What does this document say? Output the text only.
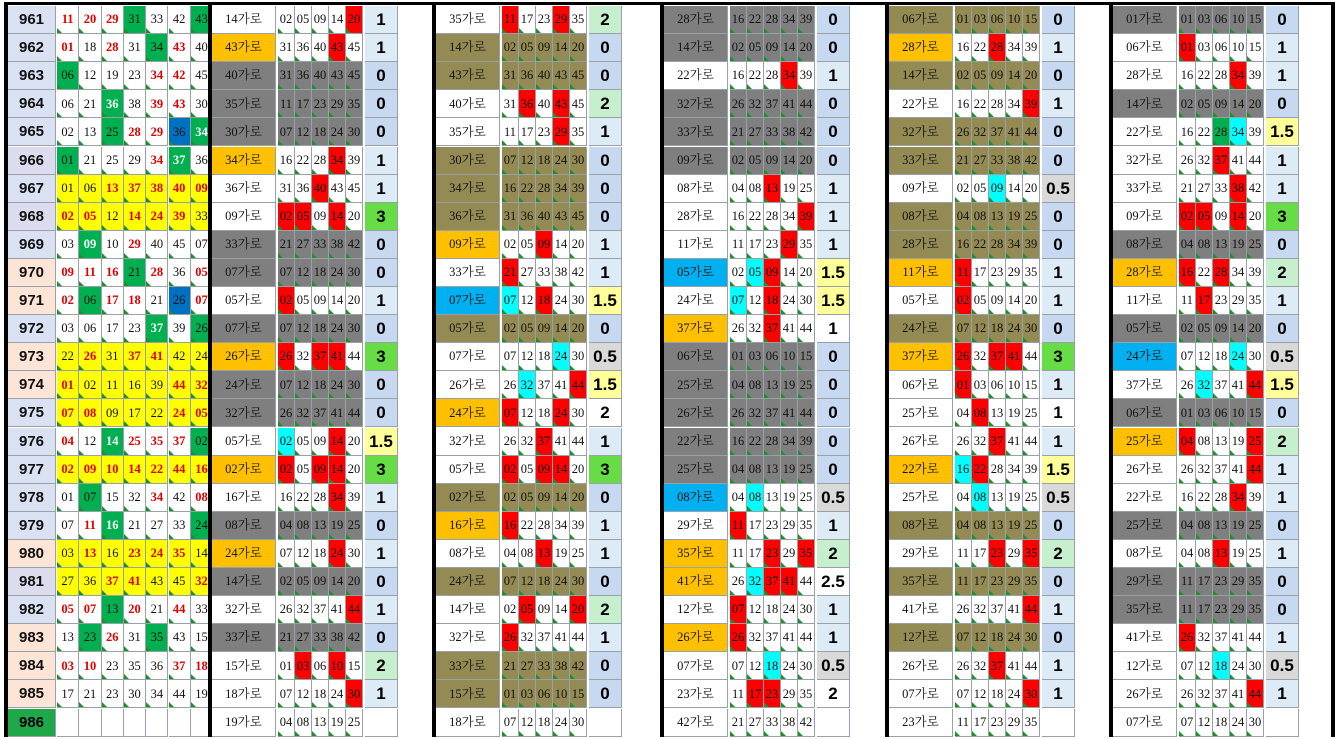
961	11 20 29 31 33 42 43	14가로	02 05 09 14 20 1	35가로	11 17 23 29 35 2	28가로	16 22 28 34 39 0	06가로	01 03 06 10 15 0	01가로	01 03 06 10 15 0
962	01 18 28 31 34 43 40	43가로	31 36 40 43 45 1	14가로	02 05 09 14 20 0	14가로	02 05 09 14 20 0	28가로	16 22 28 34 39 1	06가로	01 03 06 10 15 1
963	06 12 19 23 34 42 45	40가로	31 36 40 43 45 0	43가로	31 36 40 43 45 0	22가로	16 22 28 34 39 1	14가로	02 05 09 14 20 0	28가로	16 22 28 34 39 1
964	06 21 36 38 39 43 30	35가로	11 17 23 29 35 0	40가로	31 36 40 43 45 2	32가로	26 32 37 41 44 0	22가로	16 22 28 34 39 1	14가로	02 05 09 14 20 0
965	02 13 25 28 29 36 34	30가로	07 12 18 24 30 0	35가로	11 17 23 29 35 1	33가로	21 27 33 38 42 0	32가로	26 32 37 41 44 0	22가로	16 22 28 34 39 1.5
966	01 21 25 29 34 37 36	34가로	16 22 28 34 39 1	30가로	07 12 18 24 30 0	09가로	02 05 09 14 20 0	33가로	21 27 33 38 42 0	32가로	26 32 37 41 44 1
967	01 06 13 37 38 40 09	36가로	31 36 40 43 45 1	34가로	16 22 28 34 39 0	08가로	04 08 13 19 25 1	09가로	02 05 09 14 20 0.5	33가로	21 27 33 38 42 1
968	02 05 12 14 24 39 33	09가로	02 05 09 14 20 3	36가로	31 36 40 43 45 0	28가로	16 22 28 34 39 1	08가로	04 08 13 19 25 0	09가로	02 05 09 14 20 3
969	03 09 10 29 40 45 07	33가로	21 27 33 38 42 0	09가로	02 05 09 14 20 1	11가로	11 17 23 29 35 1	28가로	16 22 28 34 39 0	08가로	04 08 13 19 25 0
970	09 11 16 21 28 36 05	07가로	07 12 18 24 30 0	33가로	21 27 33 38 42 1	05가로	02 05 09 14 20 1.5	11가로	11 17 23 29 35 1	28가로	16 22 28 34 39 2
971	02 06 17 18 21 26 07	05가로	02 05 09 14 20 1	07가로	07 12 18 24 30 1.5	24가로	07 12 18 24 30 1.5	05가로	02 05 09 14 20 1	11가로	11 17 23 29 35 1
972	03 06 17 23 37 39 26	07가로	07 12 18 24 30 0	05가로	02 05 09 14 20 0	37가로	26 32 37 41 44 1	24가로	07 12 18 24 30 0	05가로	02 05 09 14 20 0
973	22 26 31 37 41 42 24	26가로	26 32 37 41 44 3	07가로	07 12 18 24 30 0.5	06가로	01 03 06 10 15 0	37가로	26 32 37 41 44 3	24가로	07 12 18 24 30 0.5
974	01 02 11 16 39 44 32	24가로	07 12 18 24 30 0	26가로	26 32 37 41 44 1.5	25가로	04 08 13 19 25 0	06가로	01 03 06 10 15 1	37가로	26 32 37 41 44 1.5
975	07 08 09 17 22 24 05	32가로	26 32 37 41 44 0	24가로	07 12 18 24 30 2	26가로	26 32 37 41 44 0	25가로	04 08 13 19 25 1	06가로	01 03 06 10 15 0
976	04 12 14 25 35 37 02	05가로	02 05 09 14 20 1.5	32가로	26 32 37 41 44 1	22가로	16 22 28 34 39 0	26가로	26 32 37 41 44 1	25가로	04 08 13 19 25 2
977	02 09 10 14 22 44 16	02가로	02 05 09 14 20 3	05가로	02 05 09 14 20 3	25가로	04 08 13 19 25 0	22가로	16 22 28 34 39 1.5	26가로	26 32 37 41 44 1
978	01 07 15 32 34 42 08	16가로	16 22 28 34 39 1	02가로	02 05 09 14 20 0	08가로	04 08 13 19 25 0.5	25가로	04 08 13 19 25 0.5	22가로	16 22 28 34 39 1
979	07 11 16 21 27 33 24	08가로	04 08 13 19 25 0	16가로	16 22 28 34 39 1	29가로	11 17 23 29 35 1	08가로	04 08 13 19 25 0	25가로	04 08 13 19 25 0
980	03 13 16 23 24 35 14	24가로	07 12 18 24 30 1	08가로	04 08 13 19 25 1	35가로	11 17 23 29 35 2	29가로	11 17 23 29 35 2	08가로	04 08 13 19 25 1
981	27 36 37 41 43 45 32	14가로	02 05 09 14 20 0	24가로	07 12 18 24 30 0	41가로	26 32 37 41 44 2.5	35가로	11 17 23 29 35 0	29가로	11 17 23 29 35 0
982	05 07 13 20 21 44 33	32가로	26 32 37 41 44 1	14가로	02 05 09 14 20 2	12가로	07 12 18 24 30 1	41가로	26 32 37 41 44 1	35가로	11 17 23 29 35 0
983	13 23 26 31 35 43 15	33가로	21 27 33 38 42 0	32가로	26 32 37 41 44 1	26가로	26 32 37 41 44 1	12가로	07 12 18 24 30 0	41가로	26 32 37 41 44 1
984	03 10 23 35 36 37 18	15가로	01 03 06 10 15 2	33가로	21 27 33 38 42 0	07가로	07 12 18 24 30 0.5	26가로	26 32 37 41 44 1	12가로	07 12 18 24 30 0.5
985	17 21 23 30 34 44 19	18가로	07 12 18 24 30 1	15가로	01 03 06 10 15 0	23가로	11 17 23 29 35 2	07가로	07 12 18 24 30 1	26가로	26 32 37 41 44 1
986	19가로	04 08 13 19 25	18가로	07 12 18 24 30	42가로	21 27 33 38 42	23가로	11 17 23 29 35	07가로	07 12 18 24 30
